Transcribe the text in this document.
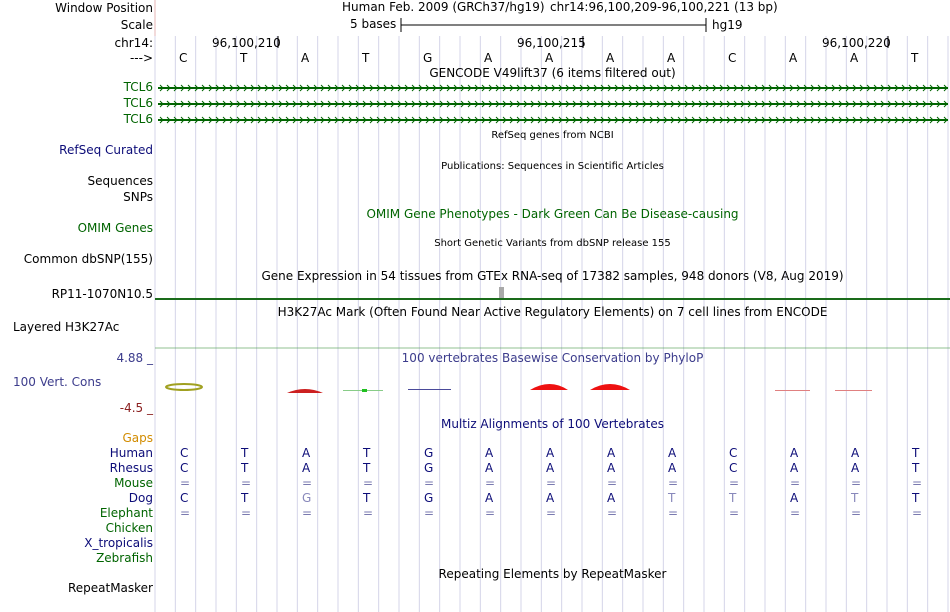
Window Position	Human Feb. 2009 (GRCh37/hg19) chr14:96,100,209-96,100,221 (13 bp)
Scale	5 bases	hg19
chr14:	96,100,210	96,100,215	96,100,220
---> C	T	A	T	G	A	A	A	A	C	A	A	T
GENCODE V49lift37 (6 items filtered out)
TCL6
TCL6
TCL6
RefSeq genes from NCBI
RefSeq Curated
Publications: Sequences in Scientific Articles
Sequences
SNPs
OMIM Gene Phenotypes - Dark Green Can Be Disease-causing
OMIM Genes
Short Genetic Variants from dbSNP release 155
Common dbSNP(155)
Gene Expression in 54 tissues from GTEx RNA-seq of 17382 samples, 948 donors (V8, Aug 2019)
RP11-1070N10.5
H3K27Ac Mark (Often Found Near Active Regulatory Elements) on 7 cell lines from ENCODE
Layered H3K27Ac
100 vertebrates Basewise Conservation by PhyloP
4.88 _
100 Vert. Cons
-4.5 _
Multiz Alignments of 100 Vertebrates
Gaps
Human C	T	A	T	G	A	A	A	A	C	A	A	T
Rhesus C	T	A	T	G	A	A	A	A	C	A	A	T
Mouse =	=	=	=	=	=	=	=	=	=	=	=	=
Dog C	T	G	T	G	A	A	A	T	T	A	T	T
Elephant =	=	=	=	=	=	=	=	=	=	=	=	=
Chicken
X_tropicalis
Zebrafish
Repeating Elements by RepeatMasker
RepeatMasker
